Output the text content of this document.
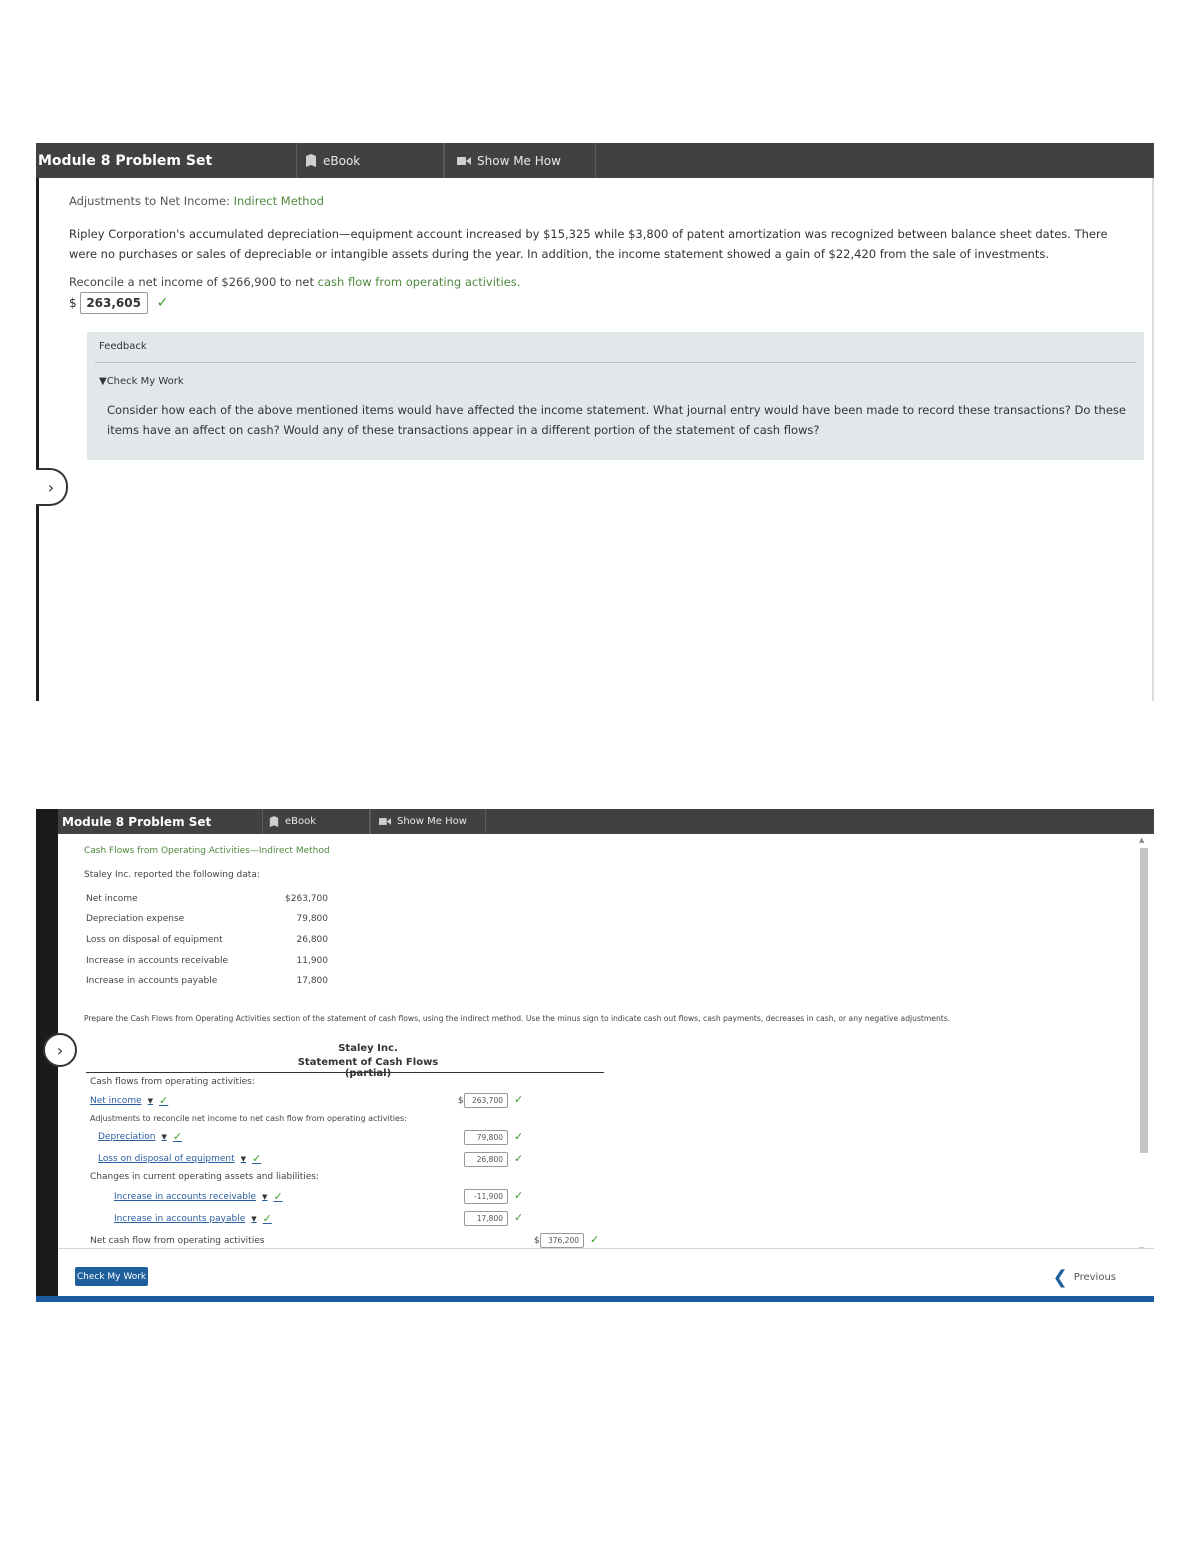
Module 8 Problem Set	eBook	Show Me How
Adjustments to Net Income: Indirect Method
Ripley Corporation's accumulated depreciation—equipment account increased by $15,325 while $3,800 of patent amortization was recognized between balance sheet dates. There were no purchases or sales of depreciable or intangible assets during the year. In addition, the income statement showed a gain of $22,420 from the sale of investments.
Reconcile a net income of $266,900 to net cash flow from operating activities.
$ 263,605	✓
Feedback
▼Check My Work
Consider how each of the above mentioned items would have affected the income statement. What journal entry would have been made to record these transactions? Do these items have an affect on cash? Would any of these transactions appear in a different portion of the statement of cash flows?
›
Module 8 Problem Set	eBook	Show Me How
Cash Flows from Operating Activities—Indirect Method
Staley Inc. reported the following data:
Net income	$263,700
Depreciation expense	79,800
Loss on disposal of equipment	26,800
Increase in accounts receivable	11,900
Increase in accounts payable	17,800
Prepare the Cash Flows from Operating Activities section of the statement of cash flows, using the indirect method. Use the minus sign to indicate cash out flows, cash payments, decreases in cash, or any negative adjustments.
Staley Inc.
Statement of Cash Flows (partial)
Cash flows from operating activities:
Net income ▼ ✓	$	263,700	✓
Adjustments to reconcile net income to net cash flow from operating activities:
Depreciation ▼ ✓	79,800	✓
Loss on disposal of equipment ▼ ✓	26,800	✓
Changes in current operating assets and liabilities:
Increase in accounts receivable ▼ ✓	-11,900	✓
Increase in accounts payable ▼ ✓	17,800	✓
Net cash flow from operating activities	$	376,200	✓
▲
›
Check My Work	❮ Previous
